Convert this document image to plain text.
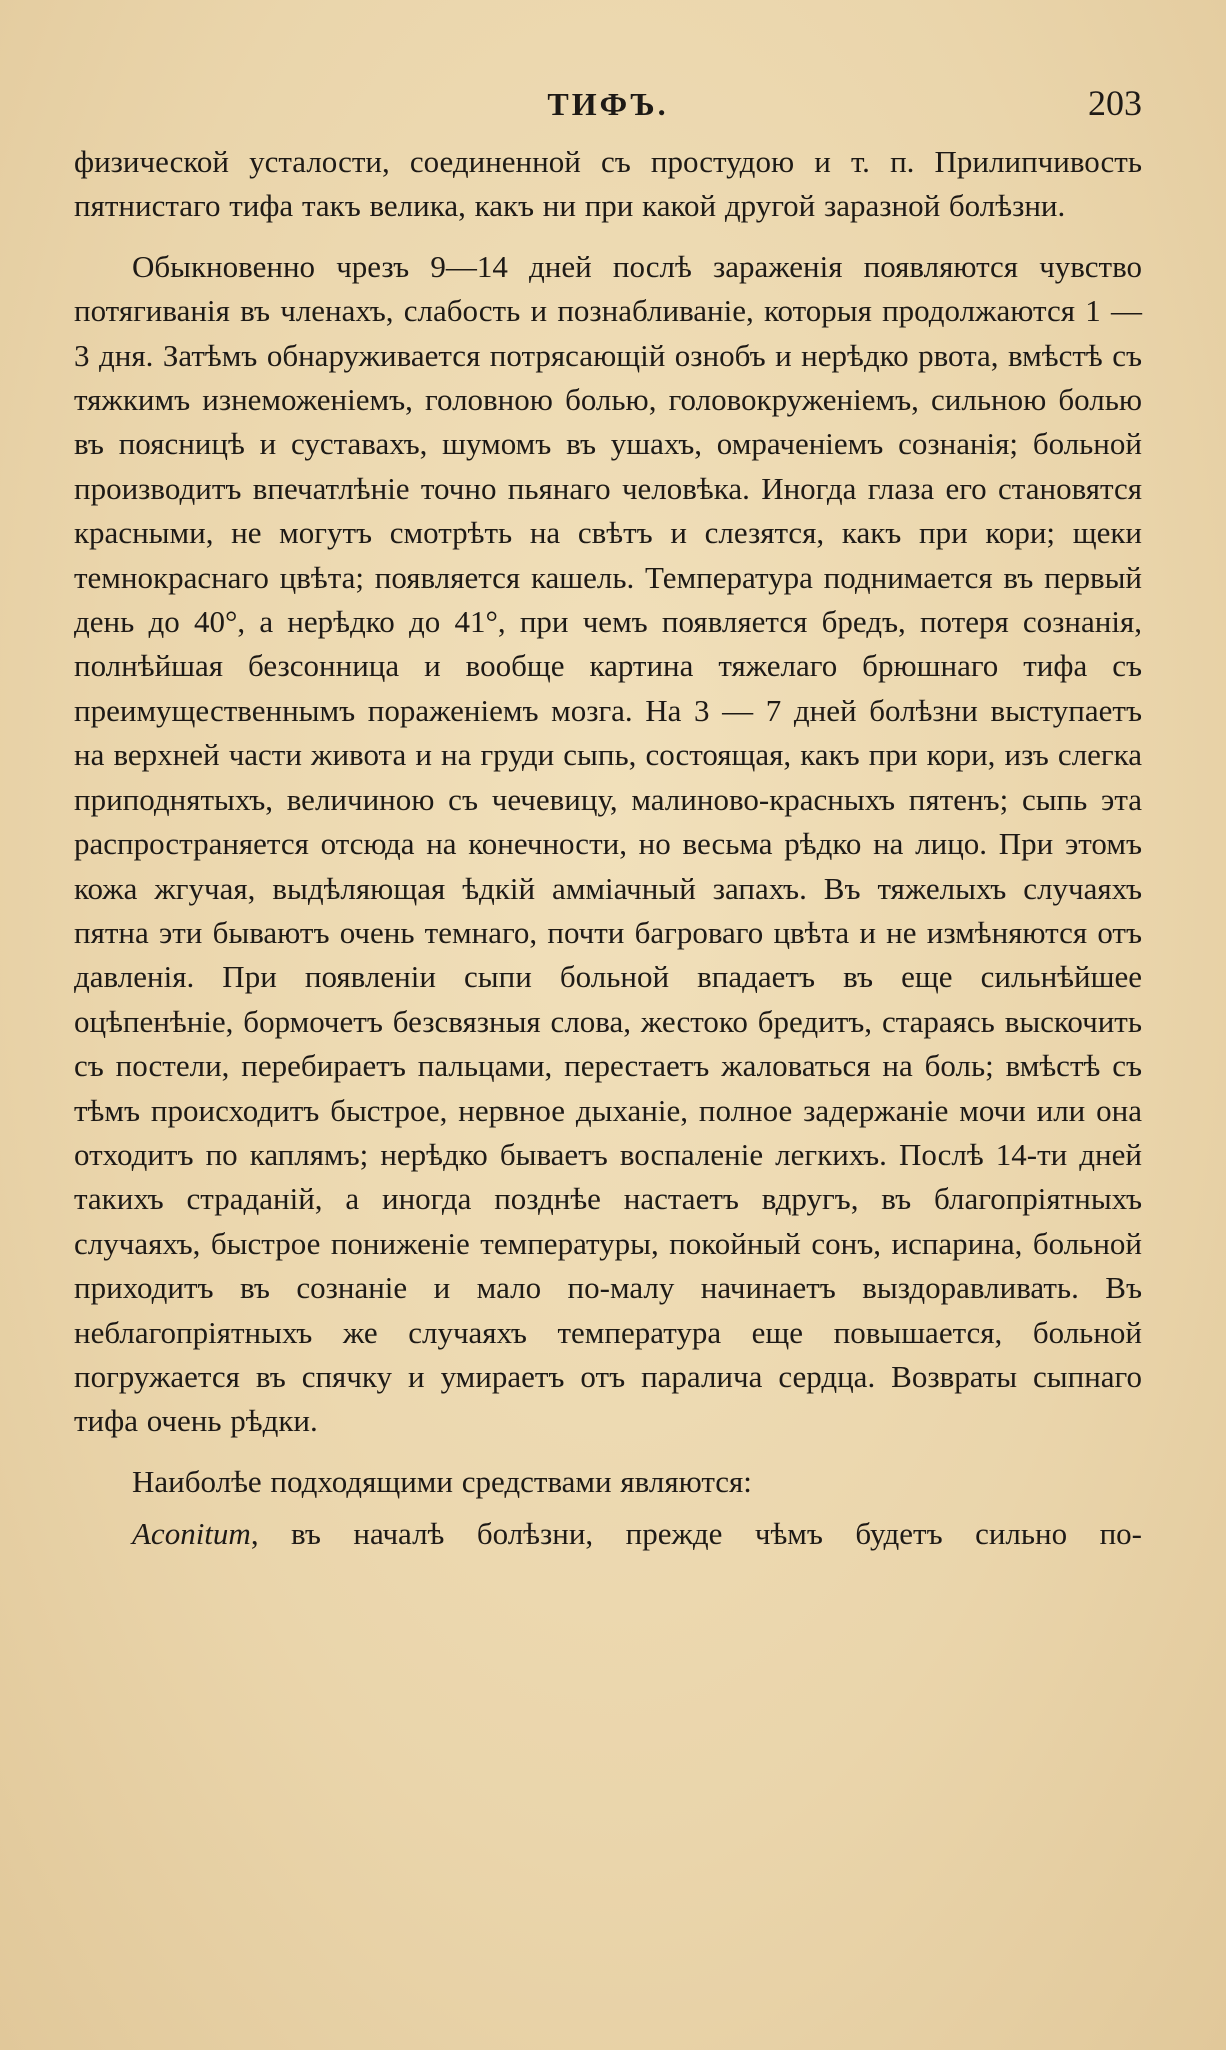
ТИФЪ.	203

физической усталости, соединенной съ простудою и т. п. Прилипчивость пятнистаго тифа такъ велика, какъ ни при какой другой заразной болѣзни.

Обыкновенно чрезъ 9—14 дней послѣ зараженія появляются чувство потягиванія въ членахъ, слабость и познабливаніе, которыя продолжаются 1 — 3 дня. Затѣмъ обнаруживается потрясающій ознобъ и нерѣдко рвота, вмѣстѣ съ тяжкимъ изнеможеніемъ, головною болью, головокруженіемъ, сильною болью въ поясницѣ и суставахъ, шумомъ въ ушахъ, омраченіемъ сознанія; больной производитъ впечатлѣніе точно пьянаго человѣка. Иногда глаза его становятся красными, не могутъ смотрѣть на свѣтъ и слезятся, какъ при кори; щеки темнокраснаго цвѣта; появляется кашель. Температура поднимается въ первый день до 40°, а нерѣдко до 41°, при чемъ появляется бредъ, потеря сознанія, полнѣйшая безсонница и вообще картина тяжелаго брюшнаго тифа съ преимущественнымъ пораженіемъ мозга. На 3 — 7 дней болѣзни выступаетъ на верхней части живота и на груди сыпь, состоящая, какъ при кори, изъ слегка приподнятыхъ, величиною съ чечевицу, малиново-красныхъ пятенъ; сыпь эта распространяется отсюда на конечности, но весьма рѣдко на лицо. При этомъ кожа жгучая, выдѣляющая ѣдкій амміачный запахъ. Въ тяжелыхъ случаяхъ пятна эти бываютъ очень темнаго, почти багроваго цвѣта и не измѣняются отъ давленія. При появленіи сыпи больной впадаетъ въ еще сильнѣйшее оцѣпенѣніе, бормочетъ безсвязныя слова, жестоко бредитъ, стараясь выскочить съ постели, перебираетъ пальцами, перестаетъ жаловаться на боль; вмѣстѣ съ тѣмъ происходитъ быстрое, нервное дыханіе, полное задержаніе мочи или она отходитъ по каплямъ; нерѣдко бываетъ воспаленіе легкихъ. Послѣ 14-ти дней такихъ страданій, а иногда позднѣе настаетъ вдругъ, въ благопріятныхъ случаяхъ, быстрое пониженіе температуры, покойный сонъ, испарина, больной приходитъ въ сознаніе и мало по-малу начинаетъ выздоравливать. Въ неблагопріятныхъ же случаяхъ температура еще повышается, больной погружается въ спячку и умираетъ отъ паралича сердца. Возвраты сыпнаго тифа очень рѣдки.

Наиболѣе подходящими средствами являются:

Aconitum, въ началѣ болѣзни, прежде чѣмъ будетъ сильно по-
